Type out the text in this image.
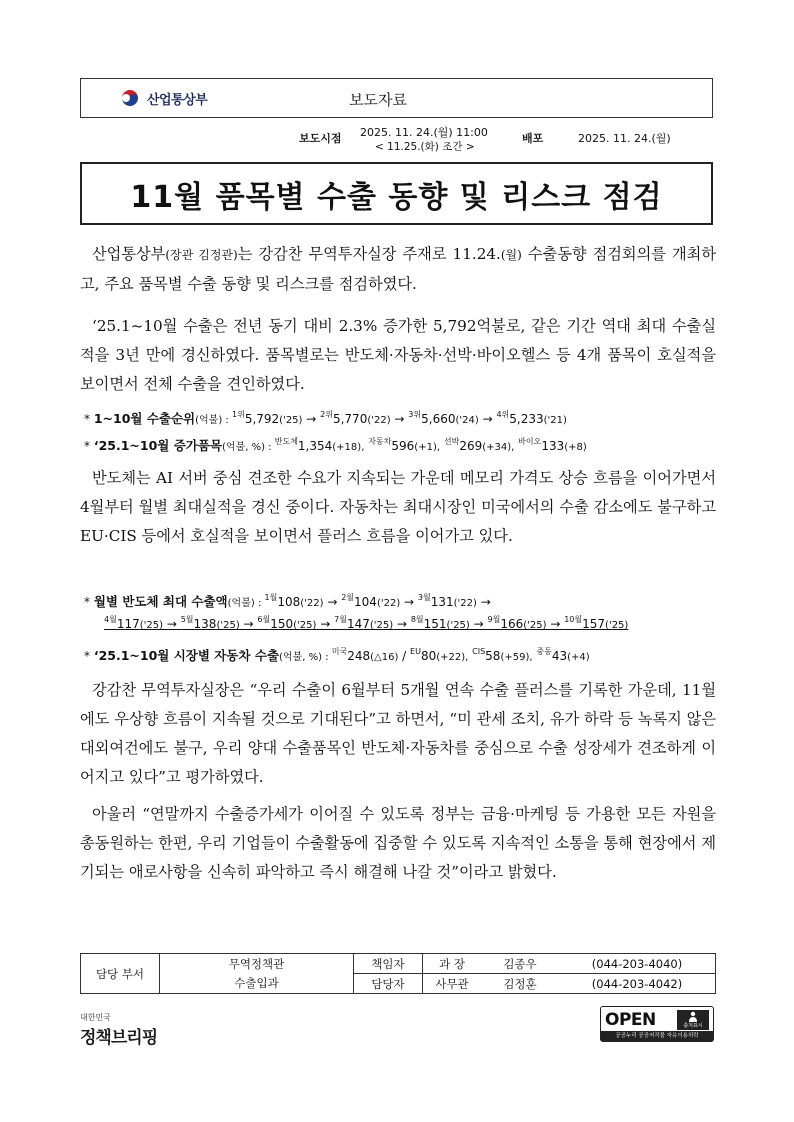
산업통상부	보도자료
보도시점 2025. 11. 24.(월) 11:00
< 11.25.(화) 조간 >
배포	2025. 11. 24.(월)
11월 품목별 수출 동향 및 리스크 점검
산업통상부(장관 김정관)는 강감찬 무역투자실장 주재로 11.24.(월) 수출동향 점검회의를 개최하고, 주요 품목별 수출 동향 및 리스크를 점검하였다.
‘25.1~10월 수출은 전년 동기 대비 2.3% 증가한 5,792억불로, 같은 기간 역대 최대 수출실적을 3년 만에 경신하였다. 품목별로는 반도체·자동차·선박·바이오헬스 등 4개 품목이 호실적을 보이면서 전체 수출을 견인하였다.
* 1~10월 수출순위(억불) : $^{1위}$5,792('25) → $^{2위}$5,770('22) → $^{3위}$5,660('24) → $^{4위}$5,233('21)
* ‘25.1~10월 증가품목(억불, %) : $^{반도체}$1,354(+18), $^{자동차}$596(+1), $^{선박}$269(+34), $^{바이오}$133(+8)
반도체는 AI 서버 중심 견조한 수요가 지속되는 가운데 메모리 가격도 상승 흐름을 이어가면서 4월부터 월별 최대실적을 경신 중이다. 자동차는 최대시장인 미국에서의 수출 감소에도 불구하고 EU·CIS 등에서 호실적을 보이면서 플러스 흐름을 이어가고 있다.
* 월별 반도체 최대 수출액(억불) : $^{1월}$108('22) → $^{2월}$104('22) → $^{3월}$131('22) →
$^{4월}$117('25) → $^{5월}$138('25) → $^{6월}$150('25) → $^{7월}$147('25) → $^{8월}$151('25) → $^{9월}$166('25) → $^{10월}$157('25)
* ‘25.1~10월 시장별 자동차 수출(억불, %) : $^{미국}$248(△16) / $^{EU}$80(+22), $^{CIS}$58(+59), $^{중동}$43(+4)
강감찬 무역투자실장은 “우리 수출이 6월부터 5개월 연속 수출 플러스를 기록한 가운데, 11월에도 우상향 흐름이 지속될 것으로 기대된다”고 하면서, “미 관세 조치, 유가 하락 등 녹록지 않은 대외여건에도 불구, 우리 양대 수출품목인 반도체·자동차를 중심으로 수출 성장세가 견조하게 이어지고 있다”고 평가하였다.
아울러 “연말까지 수출증가세가 이어질 수 있도록 정부는 금융·마케팅 등 가용한 모든 자원을 총동원하는 한편, 우리 기업들이 수출활동에 집중할 수 있도록 지속적인 소통을 통해 현장에서 제기되는 애로사항을 신속히 파악하고 즉시 해결해 나갈 것”이라고 밝혔다.
담당 부서	무역정책관	책임자	과 장	김종우	(044-203-4040)
	수출입과	담당자	사무관	김정훈	(044-203-4042)
대한민국
정책브리핑
OPEN	출처표시
공공누리 공공저작물 자유이용허락
